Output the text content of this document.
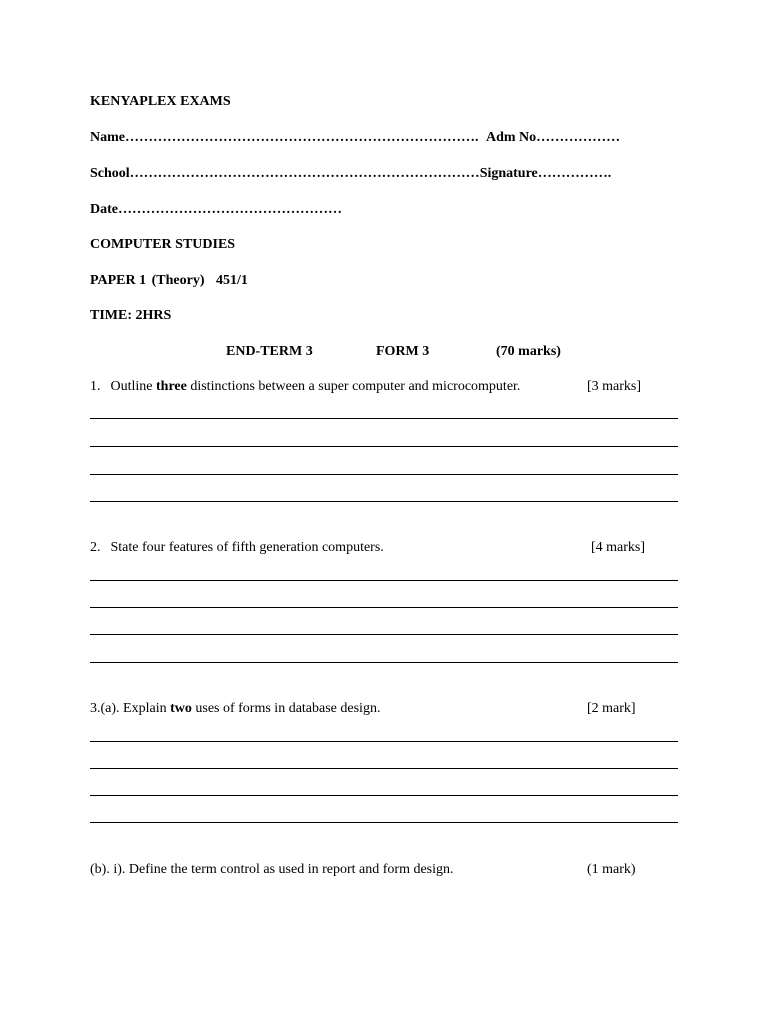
KENYAPLEX EXAMS
Name…………………………………………………………………. Adm No………………
School…………………………………………………………………Signature…………….
Date…………………………………………
COMPUTER STUDIES
PAPER 1 (Theory) 451/1
TIME: 2HRS
END-TERM 3	FORM 3	(70 marks)
1. Outline three distinctions between a super computer and microcomputer.	[3 marks]
2. State four features of fifth generation computers.	[4 marks]
3.(a). Explain two uses of forms in database design.	[2 mark]
(b). i). Define the term control as used in report and form design.	(1 mark)
